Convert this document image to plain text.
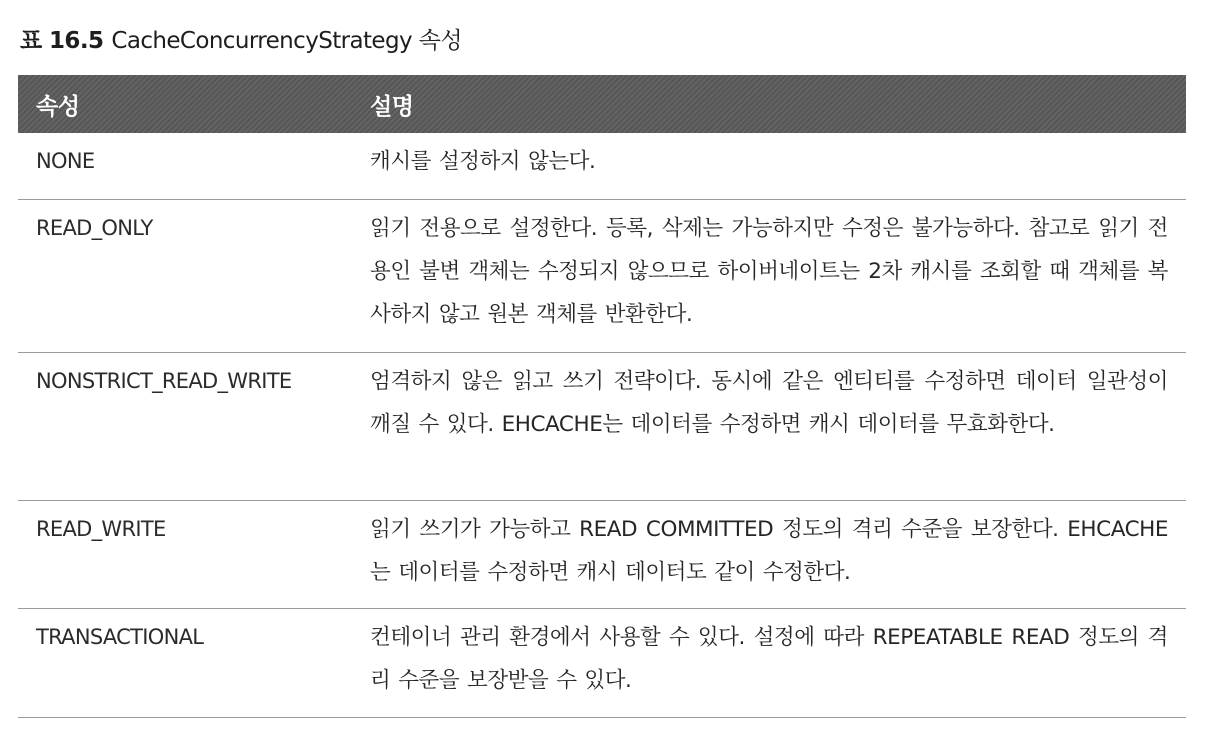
표 16.5 CacheConcurrencyStrategy 속성
속성	설명
NONE	캐시를 설정하지 않는다.
READ_ONLY	읽기 전용으로 설정한다. 등록, 삭제는 가능하지만 수정은 불가능하다. 참고로 읽기 전용인 불변 객체는 수정되지 않으므로 하이버네이트는 2차 캐시를 조회할 때 객체를 복사하지 않고 원본 객체를 반환한다.
NONSTRICT_READ_WRITE	엄격하지 않은 읽고 쓰기 전략이다. 동시에 같은 엔티티를 수정하면 데이터 일관성이 깨질 수 있다. EHCACHE는 데이터를 수정하면 캐시 데이터를 무효화한다.
READ_WRITE	읽기 쓰기가 가능하고 READ COMMITTED 정도의 격리 수준을 보장한다. EHCACHE는 데이터를 수정하면 캐시 데이터도 같이 수정한다.
TRANSACTIONAL	컨테이너 관리 환경에서 사용할 수 있다. 설정에 따라 REPEATABLE READ 정도의 격리 수준을 보장받을 수 있다.
